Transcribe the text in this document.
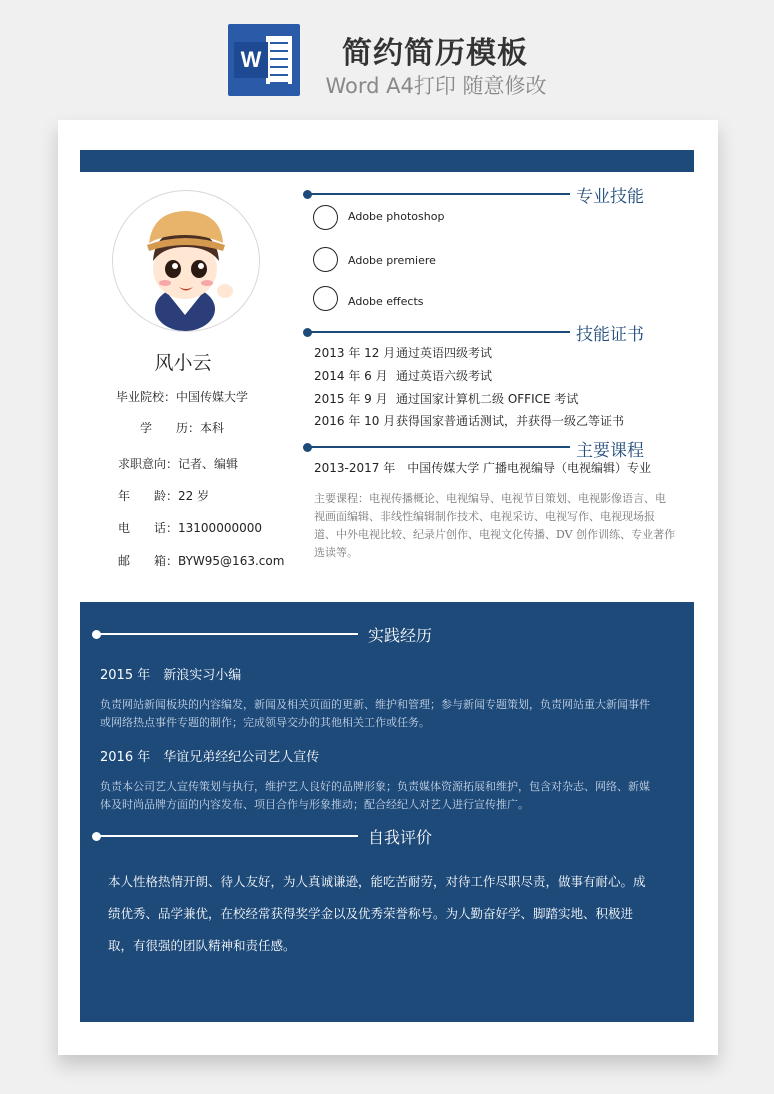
W	简约简历模板
Word A4打印 随意修改
风小云
毕业院校：中国传媒大学
学　　历：本科
求职意向：记者、编辑
年　　龄：22 岁
电　　话：13100000000
邮　　箱：BYW95@163.com
专业技能
Adobe photoshop
Adobe premiere
Adobe effects
技能证书
2013 年 12 月通过英语四级考试
2014 年 6 月 通过英语六级考试
2015 年 9 月 通过国家计算机二级 OFFICE 考试
2016 年 10 月获得国家普通话测试，并获得一级乙等证书
主要课程
2013-2017 年　中国传媒大学 广播电视编导（电视编辑）专业
主要课程：电视传播概论、电视编导、电视节目策划、电视影像语言、电视画面编辑、非线性编辑制作技术、电视采访、电视写作、电视现场报道、中外电视比较、纪录片创作、电视文化传播、DV 创作训练、专业著作选读等。
实践经历
2015 年　新浪实习小编
负责网站新闻板块的内容编发，新闻及相关页面的更新、维护和管理；参与新闻专题策划，负责网站重大新闻事件或网络热点事件专题的制作；完成领导交办的其他相关工作或任务。
2016 年　华谊兄弟经纪公司艺人宣传
负责本公司艺人宣传策划与执行，维护艺人良好的品牌形象；负责媒体资源拓展和维护，包含对杂志、网络、新媒体及时尚品牌方面的内容发布、项目合作与形象推动；配合经纪人对艺人进行宣传推广。
自我评价
本人性格热情开朗、待人友好，为人真诚谦逊，能吃苦耐劳，对待工作尽职尽责，做事有耐心。成绩优秀、品学兼优，在校经常获得奖学金以及优秀荣誉称号。为人勤奋好学、脚踏实地、积极进取，有很强的团队精神和责任感。
